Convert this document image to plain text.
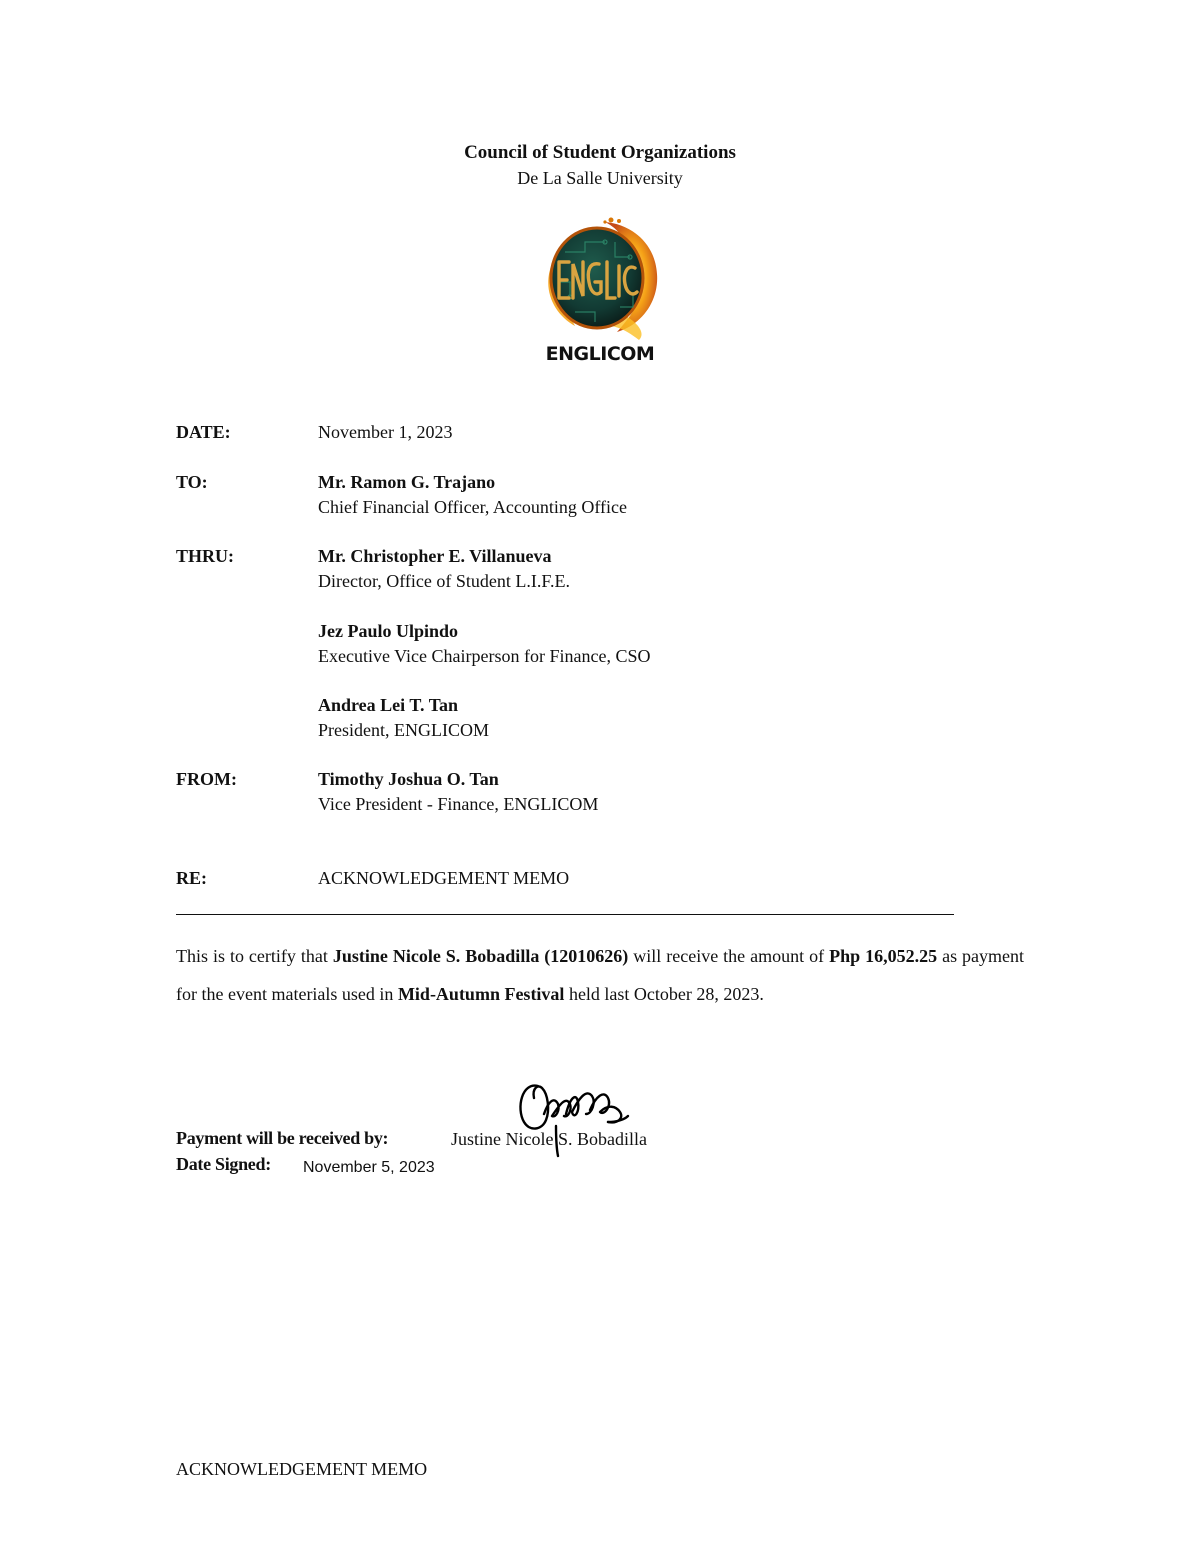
Council of Student Organizations
De La Salle University
ENGLICOM
DATE:	November 1, 2023
TO:	Mr. Ramon G. Trajano
Chief Financial Officer, Accounting Office
THRU:	Mr. Christopher E. Villanueva
Director, Office of Student L.I.F.E.
Jez Paulo Ulpindo
Executive Vice Chairperson for Finance, CSO
Andrea Lei T. Tan
President, ENGLICOM
FROM:	Timothy Joshua O. Tan
Vice President - Finance, ENGLICOM
RE:	ACKNOWLEDGEMENT MEMO
This is to certify that Justine Nicole S. Bobadilla (12010626) will receive the amount of Php 16,052.25 as payment for the event materials used in Mid-Autumn Festival held last October 28, 2023.
Payment will be received by:	Justine Nicole S. Bobadilla
Date Signed: November 5, 2023
ACKNOWLEDGEMENT MEMO
